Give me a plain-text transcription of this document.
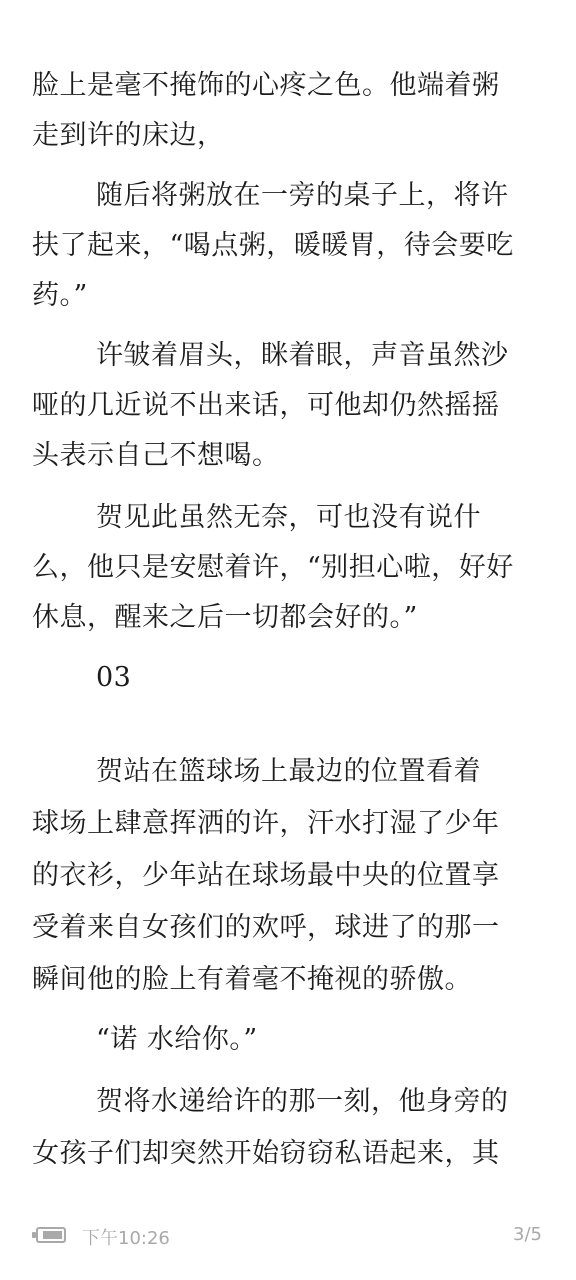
脸上是毫不掩饰的心疼之色。他端着粥
走到许的床边，
随后将粥放在一旁的桌子上，将许
扶了起来，“喝点粥，暖暖胃，待会要吃
药。”
许皱着眉头，眯着眼，声音虽然沙
哑的几近说不出来话，可他却仍然摇摇
头表示自己不想喝。
贺见此虽然无奈，可也没有说什
么，他只是安慰着许，“别担心啦，好好
休息，醒来之后一切都会好的。”
03
贺站在篮球场上最边的位置看着
球场上肆意挥洒的许，汗水打湿了少年
的衣衫，少年站在球场最中央的位置享
受着来自女孩们的欢呼，球进了的那一
瞬间他的脸上有着毫不掩视的骄傲。
“诺 水给你。”
贺将水递给许的那一刻，他身旁的
女孩子们却突然开始窃窃私语起来，其
下午10:26	3/5
